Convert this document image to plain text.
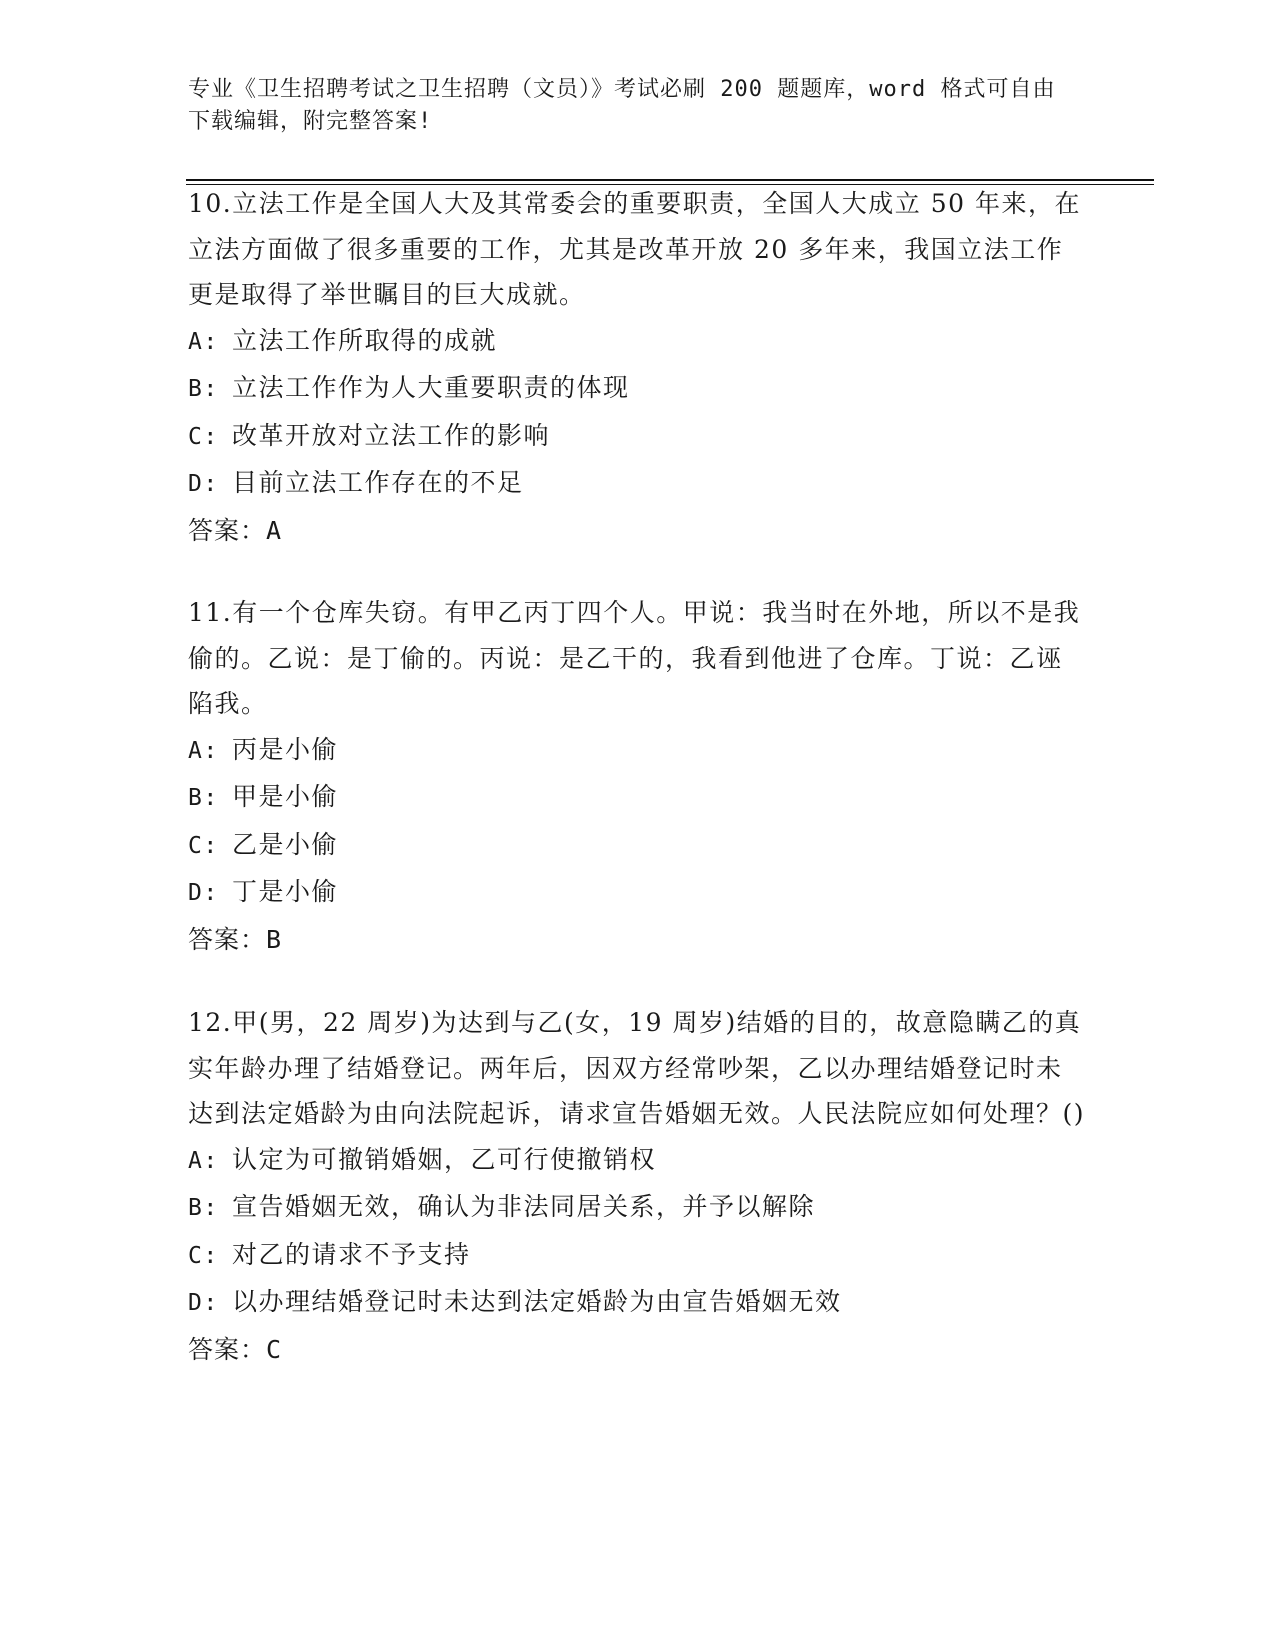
专业《卫生招聘考试之卫生招聘（文员）》考试必刷 200 题题库，word 格式可自由下载编辑，附完整答案!

10.立法工作是全国人大及其常委会的重要职责，全国人大成立 50 年来，在立法方面做了很多重要的工作，尤其是改革开放 20 多年来，我国立法工作更是取得了举世瞩目的巨大成就。

A: 立法工作所取得的成就

B: 立法工作作为人大重要职责的体现

C: 改革开放对立法工作的影响

D: 目前立法工作存在的不足

答案：A

11.有一个仓库失窃。有甲乙丙丁四个人。甲说：我当时在外地，所以不是我偷的。乙说：是丁偷的。丙说：是乙干的，我看到他进了仓库。丁说：乙诬陷我。

A: 丙是小偷

B: 甲是小偷

C: 乙是小偷

D: 丁是小偷

答案：B

12.甲(男，22 周岁)为达到与乙(女，19 周岁)结婚的目的，故意隐瞒乙的真实年龄办理了结婚登记。两年后，因双方经常吵架，乙以办理结婚登记时未达到法定婚龄为由向法院起诉，请求宣告婚姻无效。人民法院应如何处理？()

A: 认定为可撤销婚姻，乙可行使撤销权

B: 宣告婚姻无效，确认为非法同居关系，并予以解除

C: 对乙的请求不予支持

D: 以办理结婚登记时未达到法定婚龄为由宣告婚姻无效

答案：C
